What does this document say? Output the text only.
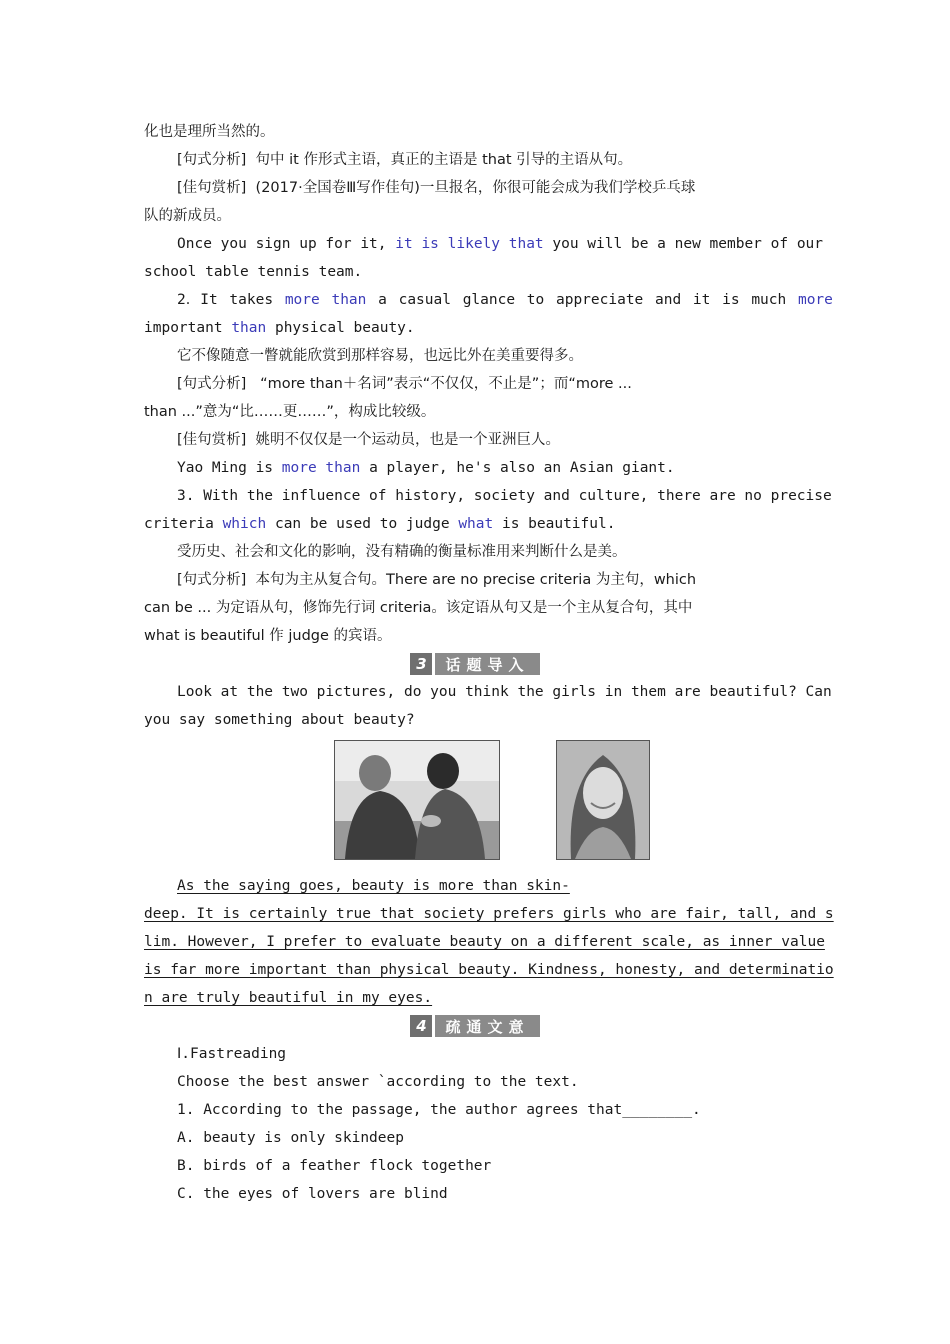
化也是理所当然的。
[句式分析] 句中 it 作形式主语，真正的主语是 that 引导的主语从句。
[佳句赏析] (2017·全国卷Ⅲ写作佳句)一旦报名，你很可能会成为我们学校乒乓球
队的新成员。
Once you sign up for it, it is likely that you will be a new member of our
school table tennis team.
2．It takes more than a casual glance to appreciate and it is much more
important than physical beauty.
它不像随意一瞥就能欣赏到那样容易，也远比外在美重要得多。
[句式分析] “more than＋名词”表示“不仅仅，不止是”；而“more ...
than ...”意为“比……更……”，构成比较级。
[佳句赏析] 姚明不仅仅是一个运动员，也是一个亚洲巨人。
Yao Ming is more than a player, he's also an Asian giant.
3. With the influence of history, society and culture, there are no precise
criteria which can be used to judge what is beautiful.
受历史、社会和文化的影响，没有精确的衡量标准用来判断什么是美。
[句式分析] 本句为主从复合句。There are no precise criteria 为主句，which
can be ... 为定语从句，修饰先行词 criteria。该定语从句又是一个主从复合句，其中
what is beautiful 作 judge 的宾语。
3	话题导入
Look at the two pictures, do you think the girls in them are beautiful? Can
you say something about beauty?
As the saying goes, beauty is more than skin-
deep. It is certainly true that society prefers girls who are fair, tall, and s
lim. However, I prefer to evaluate beauty on a different scale, as inner value
is far more important than physical beauty. Kindness, honesty, and determinatio
n are truly beautiful in my eyes.
4	疏通文意
Ⅰ.Fastreading
Choose the best answer `according to the text.
1. According to the passage, the author agrees that________.
A. beauty is only skindeep
B. birds of a feather flock together
C. the eyes of lovers are blind
